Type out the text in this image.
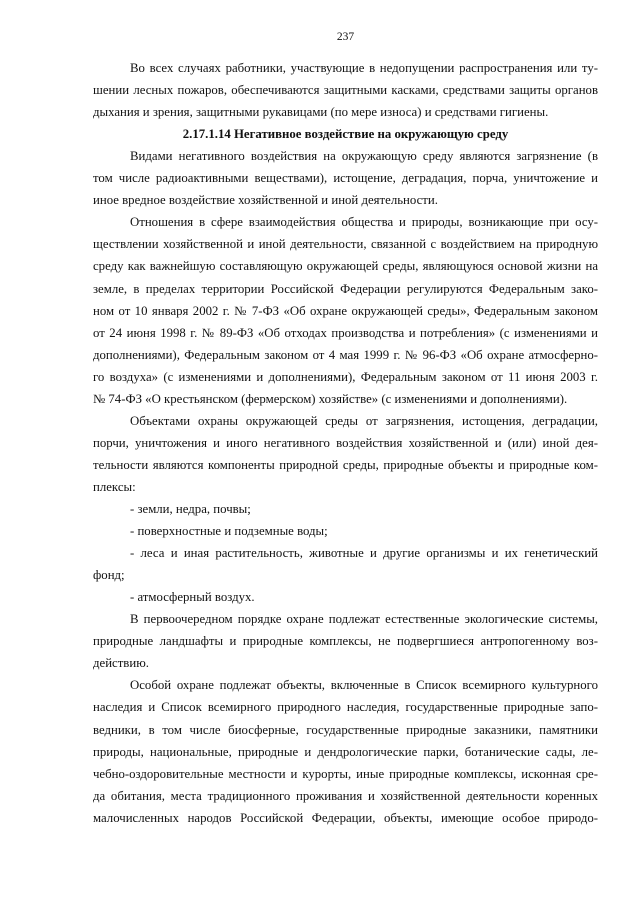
237
Во всех случаях работники, участвующие в недопущении распространения или ту-
шении лесных пожаров, обеспечиваются защитными касками, средствами защиты органов
дыхания и зрения, защитными рукавицами (по мере износа) и средствами гигиены.
2.17.1.14 Негативное воздействие на окружающую среду
Видами негативного воздействия на окружающую среду являются загрязнение (в
том числе радиоактивными веществами), истощение, деградация, порча, уничтожение и
иное вредное воздействие хозяйственной и иной деятельности.
Отношения в сфере взаимодействия общества и природы, возникающие при осу-
ществлении хозяйственной и иной деятельности, связанной с воздействием на природную
среду как важнейшую составляющую окружающей среды, являющуюся основой жизни на
земле, в пределах территории Российской Федерации регулируются Федеральным зако-
ном от 10 января 2002 г. № 7-ФЗ «Об охране окружающей среды», Федеральным законом
от 24 июня 1998 г. № 89-ФЗ «Об отходах производства и потребления» (с изменениями и
дополнениями), Федеральным законом от 4 мая 1999 г. № 96-ФЗ «Об охране атмосферно-
го воздуха» (с изменениями и дополнениями), Федеральным законом от 11 июня 2003 г.
№ 74-ФЗ «О крестьянском (фермерском) хозяйстве» (с изменениями и дополнениями).
Объектами охраны окружающей среды от загрязнения, истощения, деградации,
порчи, уничтожения и иного негативного воздействия хозяйственной и (или) иной дея-
тельности являются компоненты природной среды, природные объекты и природные ком-
плексы:
- земли, недра, почвы;
- поверхностные и подземные воды;
- леса и иная растительность, животные и другие организмы и их генетический
фонд;
- атмосферный воздух.
В первоочередном порядке охране подлежат естественные экологические системы,
природные ландшафты и природные комплексы, не подвергшиеся антропогенному воз-
действию.
Особой охране подлежат объекты, включенные в Список всемирного культурного
наследия и Список всемирного природного наследия, государственные природные запо-
ведники, в том числе биосферные, государственные природные заказники, памятники
природы, национальные, природные и дендрологические парки, ботанические сады, ле-
чебно-оздоровительные местности и курорты, иные природные комплексы, исконная сре-
да обитания, места традиционного проживания и хозяйственной деятельности коренных
малочисленных народов Российской Федерации, объекты, имеющие особое природо-
